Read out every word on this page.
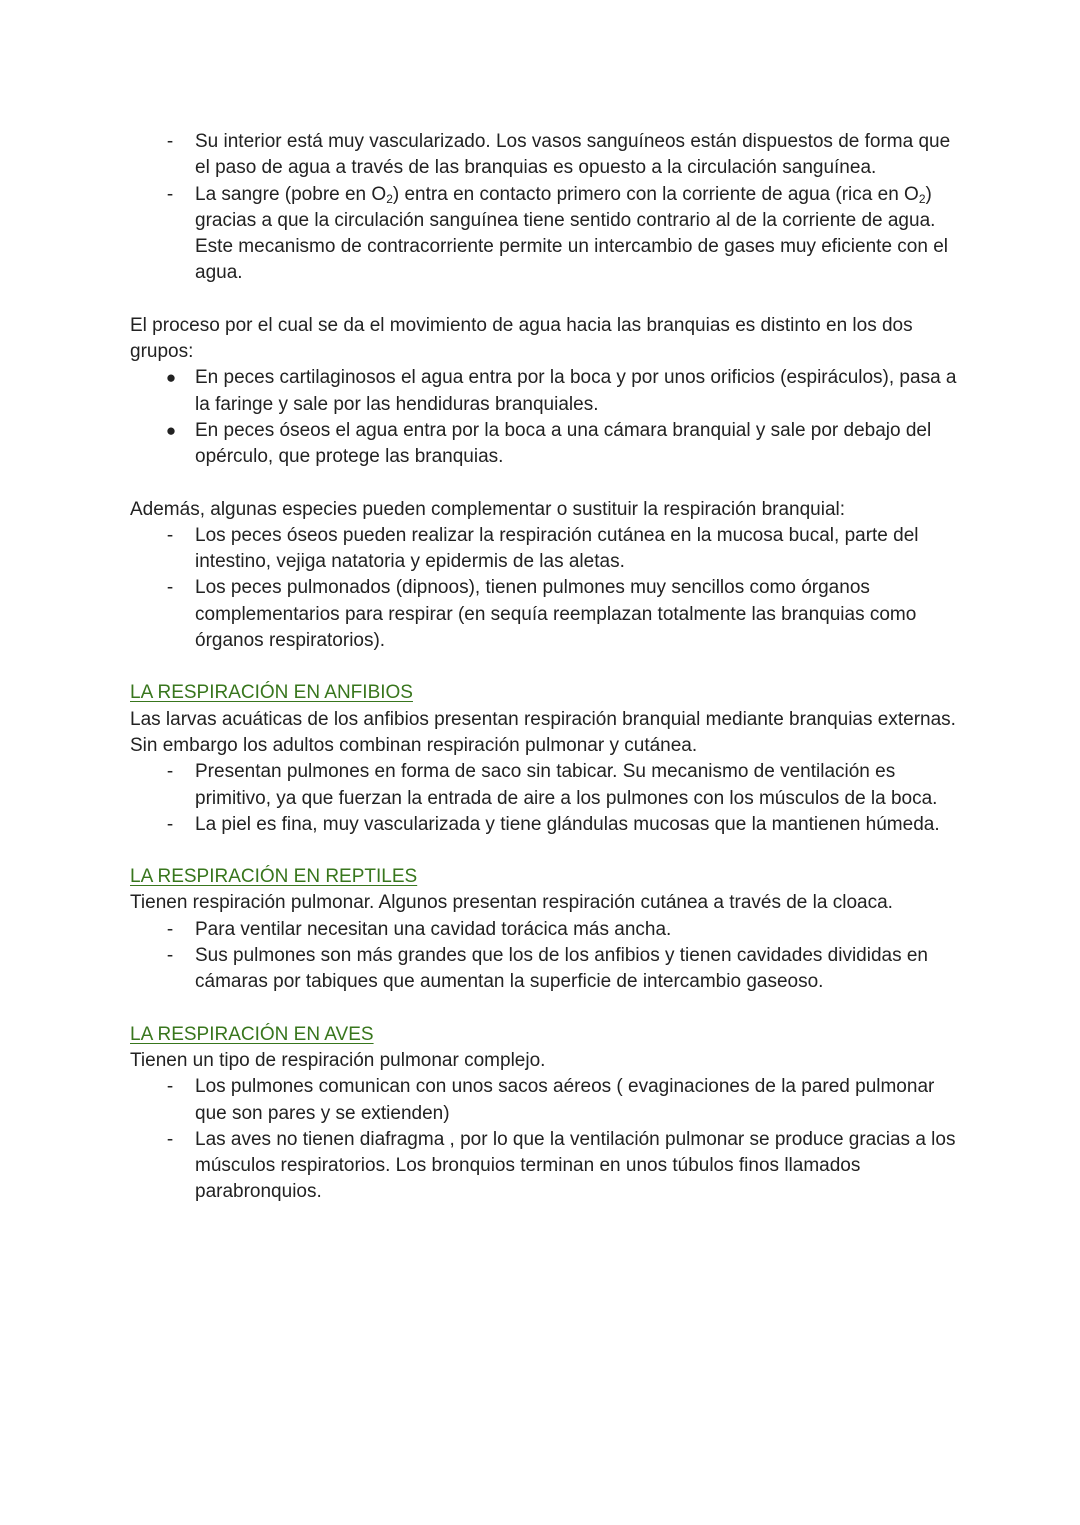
- Su interior está muy vascularizado. Los vasos sanguíneos están dispuestos de forma que el paso de agua a través de las branquias es opuesto a la circulación sanguínea.
- La sangre (pobre en $O_2$) entra en contacto primero con la corriente de agua (rica en $O_2$) gracias a que la circulación sanguínea tiene sentido contrario al de la corriente de agua. Este mecanismo de contracorriente permite un intercambio de gases muy eficiente con el agua.

El proceso por el cual se da el movimiento de agua hacia las branquias es distinto en los dos grupos:

● En peces cartilaginosos el agua entra por la boca y por unos orificios (espiráculos), pasa a la faringe y sale por las hendiduras branquiales.
● En peces óseos el agua entra por la boca a una cámara branquial y sale por debajo del opérculo, que protege las branquias.

Además, algunas especies pueden complementar o sustituir la respiración branquial:

- Los peces óseos pueden realizar la respiración cutánea en la mucosa bucal, parte del intestino, vejiga natatoria y epidermis de las aletas.
- Los peces pulmonados (dipnoos), tienen pulmones muy sencillos como órganos complementarios para respirar (en sequía reemplazan totalmente las branquias como órganos respiratorios).

LA RESPIRACIÓN EN ANFIBIOS

Las larvas acuáticas de los anfibios presentan respiración branquial mediante branquias externas. Sin embargo los adultos combinan respiración pulmonar y cutánea.

- Presentan pulmones en forma de saco sin tabicar. Su mecanismo de ventilación es primitivo, ya que fuerzan la entrada de aire a los pulmones con los músculos de la boca.
- La piel es fina, muy vascularizada y tiene glándulas mucosas que la mantienen húmeda.

LA RESPIRACIÓN EN REPTILES

Tienen respiración pulmonar. Algunos presentan respiración cutánea a través de la cloaca.

- Para ventilar necesitan una cavidad torácica más ancha.
- Sus pulmones son más grandes que los de los anfibios y tienen cavidades divididas en cámaras por tabiques que aumentan la superficie de intercambio gaseoso.

LA RESPIRACIÓN EN AVES

Tienen un tipo de respiración pulmonar complejo.

- Los pulmones comunican con unos sacos aéreos ( evaginaciones de la pared pulmonar que son pares y se extienden)
- Las aves no tienen diafragma , por lo que la ventilación pulmonar se produce gracias a los músculos respiratorios. Los bronquios terminan en unos túbulos finos llamados parabronquios.
